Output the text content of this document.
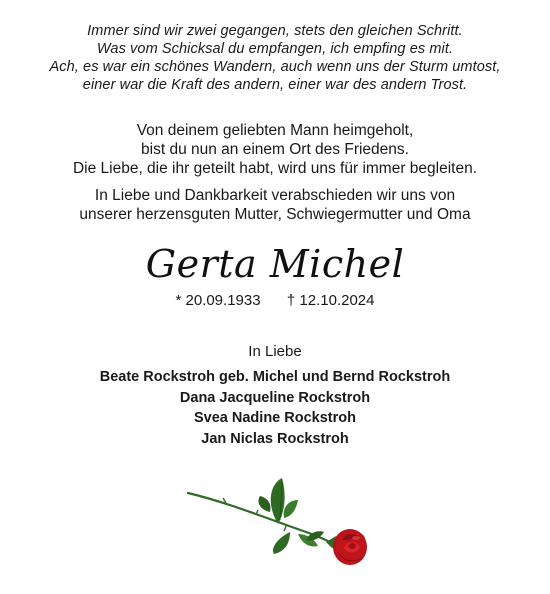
Immer sind wir zwei gegangen, stets den gleichen Schritt.
Was vom Schicksal du empfangen, ich empfing es mit.
Ach, es war ein schönes Wandern, auch wenn uns der Sturm umtost,
einer war die Kraft des andern, einer war des andern Trost.
Von deinem geliebten Mann heimgeholt,
bist du nun an einem Ort des Friedens.
Die Liebe, die ihr geteilt habt, wird uns für immer begleiten.
In Liebe und Dankbarkeit verabschieden wir uns von
unserer herzensguten Mutter, Schwiegermutter und Oma
Gerta Michel
* 20.09.1933 † 12.10.2024
In Liebe
Beate Rockstroh geb. Michel und Bernd Rockstroh
Dana Jacqueline Rockstroh
Svea Nadine Rockstroh
Jan Niclas Rockstroh
